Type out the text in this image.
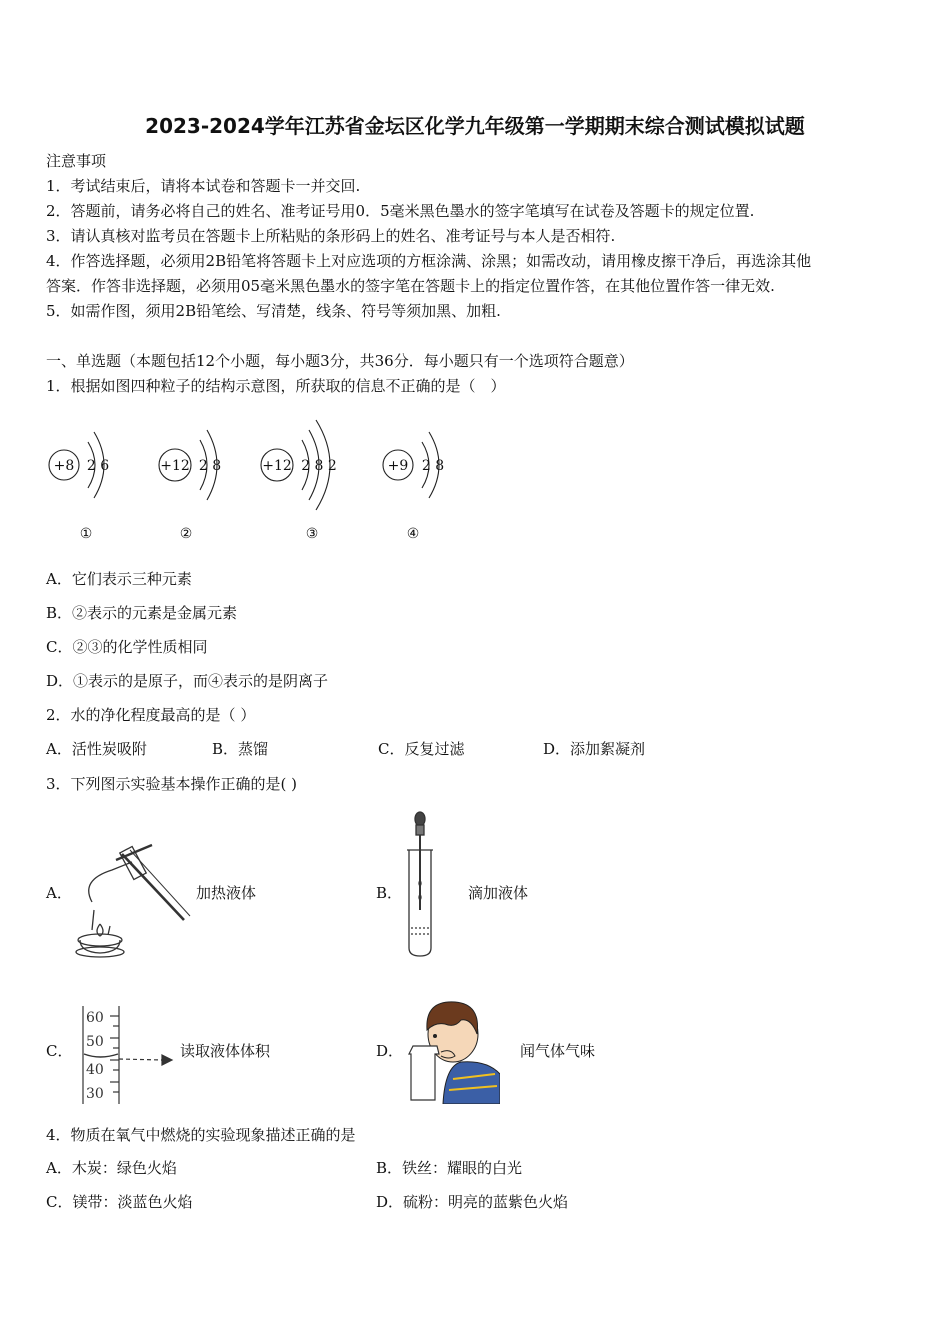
2023-2024学年江苏省金坛区化学九年级第一学期期末综合测试模拟试题
注意事项
1．考试结束后，请将本试卷和答题卡一并交回.
2．答题前，请务必将自己的姓名、准考证号用0．5毫米黑色墨水的签字笔填写在试卷及答题卡的规定位置.
3．请认真核对监考员在答题卡上所粘贴的条形码上的姓名、准考证号与本人是否相符.
4．作答选择题，必须用2B铅笔将答题卡上对应选项的方框涂满、涂黑；如需改动，请用橡皮擦干净后，再选涂其他
答案．作答非选择题，必须用05毫米黑色墨水的签字笔在答题卡上的指定位置作答，在其他位置作答一律无效.
5．如需作图，须用2B铅笔绘、写清楚，线条、符号等须加黑、加粗.
一、单选题（本题包括12个小题，每小题3分，共36分．每小题只有一个选项符合题意）
1．根据如图四种粒子的结构示意图，所获取的信息不正确的是（　）
+8 2 6	+12 2 8	+12 2 8 2	+9 2 8
①	②	③	④
A．它们表示三种元素
B．②表示的元素是金属元素
C．②③的化学性质相同
D．①表示的是原子，而④表示的是阴离子
2．水的净化程度最高的是（ ）
A．活性炭吸附	B．蒸馏	C．反复过滤	D．添加絮凝剂
3．下列图示实验基本操作正确的是( )
A．	加热液体	B．	滴加液体
C．
60
50
40
30
读取液体体积	D．	闻气体气味
4．物质在氧气中燃烧的实验现象描述正确的是
A．木炭：绿色火焰	B．铁丝：耀眼的白光
C．镁带：淡蓝色火焰	D．硫粉：明亮的蓝紫色火焰
